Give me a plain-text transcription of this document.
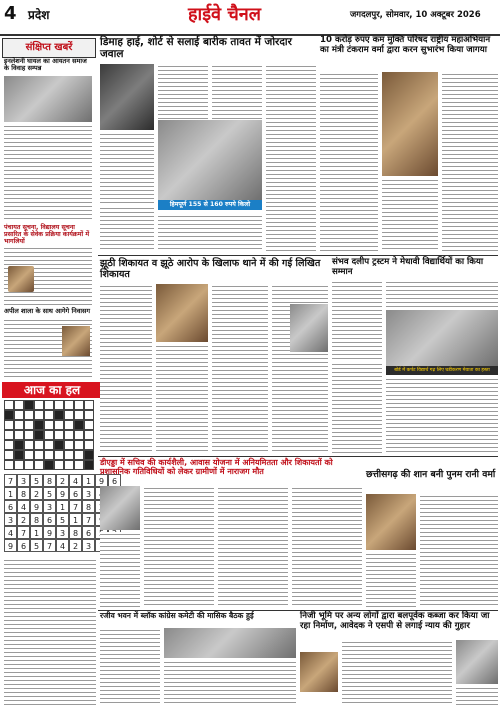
4 प्रदेश	हाईवे चैनल	जगदलपुर, सोमवार, 10 अक्टूबर 2026
संक्षिप्त खबरें
इनलेशनी घायल का आयतन समाज के विवाह सम्पन्न
पंचायत सूचना, विद्यालय सूचना प्रसारित के सेवेक प्रक्रिया कार्यक्रमों में भागलियों
अपील शाला के साथ आगेगे निवासग
आज का हल
7 3 5 8 2 4 1 9 6
1 8 2 5 9 6 3
6 4 9 3 1 7 8
3 2 8 6 5 1 7
4 7 1 9 3 8 6
9 6 5 7 4 2 3
डिमाह हाई, शोर्ट से सलाई बारीक तावत में जोरदार जवाल
हिमपूर्ण 155 से 160 रुपये किलो
10 करोड़ रुपए कम मुक्ति परिषद राष्ट्रीय महाअभियान का मंत्री टंकराम वर्मा द्वारा करन सुभारंभ किया जागया
झूठी शिकायत व झूठे आरोप के खिलाफ थाने में की गई लिखित शिकायत
संभव दलीप ट्रस्टम ने मेधावी विद्यार्थियों का किया सम्मान
बोर्ड में कर्पट विद्यार्थ गढ़ लिए घडीकरण मेवाता का हस्ता
डीएड्डा में सचिव की कार्यशैली, आवास योजना में अनियमितता और शिकायतों को प्रशासनिक गतिविधियों को लेकर ग्रामीणों में नाराजग मौत	छत्तीसगढ़ की शान बनी पुनम रानी वर्मा
रजीव भवन में ब्लॉक कांग्रेस कमेटी की मासिक बैठक हुई	निजी भूमि पर अन्य लोगों द्वारा बलपूर्वक कब्जा कर किया जा रहा निर्माण, आवेदक ने एसपी से लगाई न्याय की गुहार
